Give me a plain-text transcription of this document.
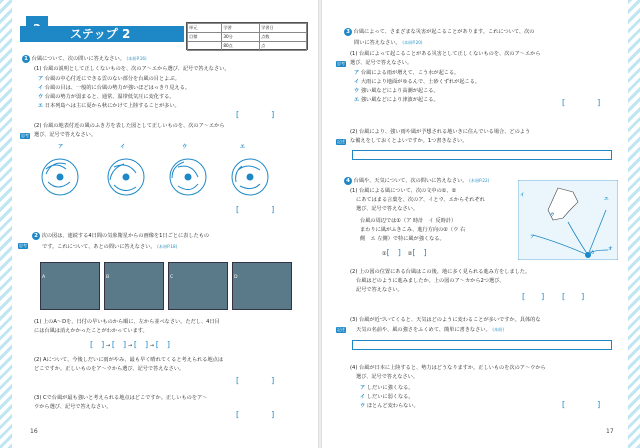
ステップ 2	単元	学習	学習日
目標	30分	点数
	80点	点
1 台風について、次の問いに答えなさい。 (本冊P.16)
(1) 台風の説明として正しくないものを、次のア〜エから選び、記号で答えなさい。
ア 台風の中心付近にできる雲のない部分を台風の目とよぶ。
イ 台風の目は、一般的に台風の勢力が強いほどはっきり見える。
ウ 台風の勢力が弱まると、通常、温帯低気圧に変化する。
エ 日本列島へは主に夏から秋にかけて上陸することが多い。
[　　　　]
思考
(2) 台風の地表付近の風のふき方を表した図として正しいものを、次のア〜エから
選び、記号で答えなさい。
ア	イ	ウ	エ
[　　　　]
思考
2 次の図は、連続する4日間の気象衛星からの画像を1日ごとに表したもの
です。これについて、あとの問いに答えなさい。 (本冊P.18)
A	B	C	D
(1) 上のA〜Dを、日付の早いものから順に、左から並べなさい。ただし、4日目
には台風は消えかかったことがわかっています。
[　] → [　] → [　] → [　]
(2) Aについて、今後しだいに雨がやみ、最も早く晴れてくると考えられる地点は
どこですか。正しいものをア〜ウから選び、記号で答えなさい。
[　　　　]
(3) Cで台風が最も強いと考えられる地点はどこですか。正しいものをア〜
ウから選び、記号で答えなさい。
[　　　　]
16
3 台風によって、さまざまな災害が起こることがあります。これについて、次の
問いに答えなさい。 (本冊P.20)
思考
(1) 台風によって起こることがある災害として正しくないものを、次のア〜エから
選び、記号で答えなさい。
ア 台風による雨が増えて、こう水が起こる。
イ 大雨により地面がゆるんで、土砂くずれが起こる。
ウ 強い風などにより高潮が起こる。
エ 強い風などにより津波が起こる。	[　　　　]
記述
(2) 台風により、強い雨や風が予想される地いきに住んでいる場合、どのよう
な備えをしておくとよいですか。1つ書きなさい。
4 台風や、天気について、次の問いに答えなさい。 (本冊P.22)
(1) 台風による風について、次の文中の①、②
にあてはまる言葉を、次のア、イとウ、エからそれぞれ
選び、記号で答えなさい。
台風の周辺では①（ア 時計　イ 反時計）
まわりに風がふきこみ、進行方向の②（ウ 右
側　エ 左側）で特に風が強くなる。
①[　] 　 ②[　]
イ
ウ
エ
ア
カ
オ
(2) 上の図の位置にある台風はこの後、地に多く見られる進み方をしました。
台風はどのように進みましたか。上の図のア〜カから2つ選び、
記号で答えなさい。
[　　] [　　]
記述
(3) 台風が近づいてくると、天気はどのように変わることが多いですか。具体的な
天気の名前や、風の強さをふくめて、簡単に書きなさい。 (本冊)
(4) 台風が日本に上陸すると、勢力はどうなりますか。正しいものを次のア〜ウから
選び、記号で答えなさい。
ア しだいに強くなる。
イ しだいに弱くなる。
ウ ほとんど変わらない。	[　　　　]
17
